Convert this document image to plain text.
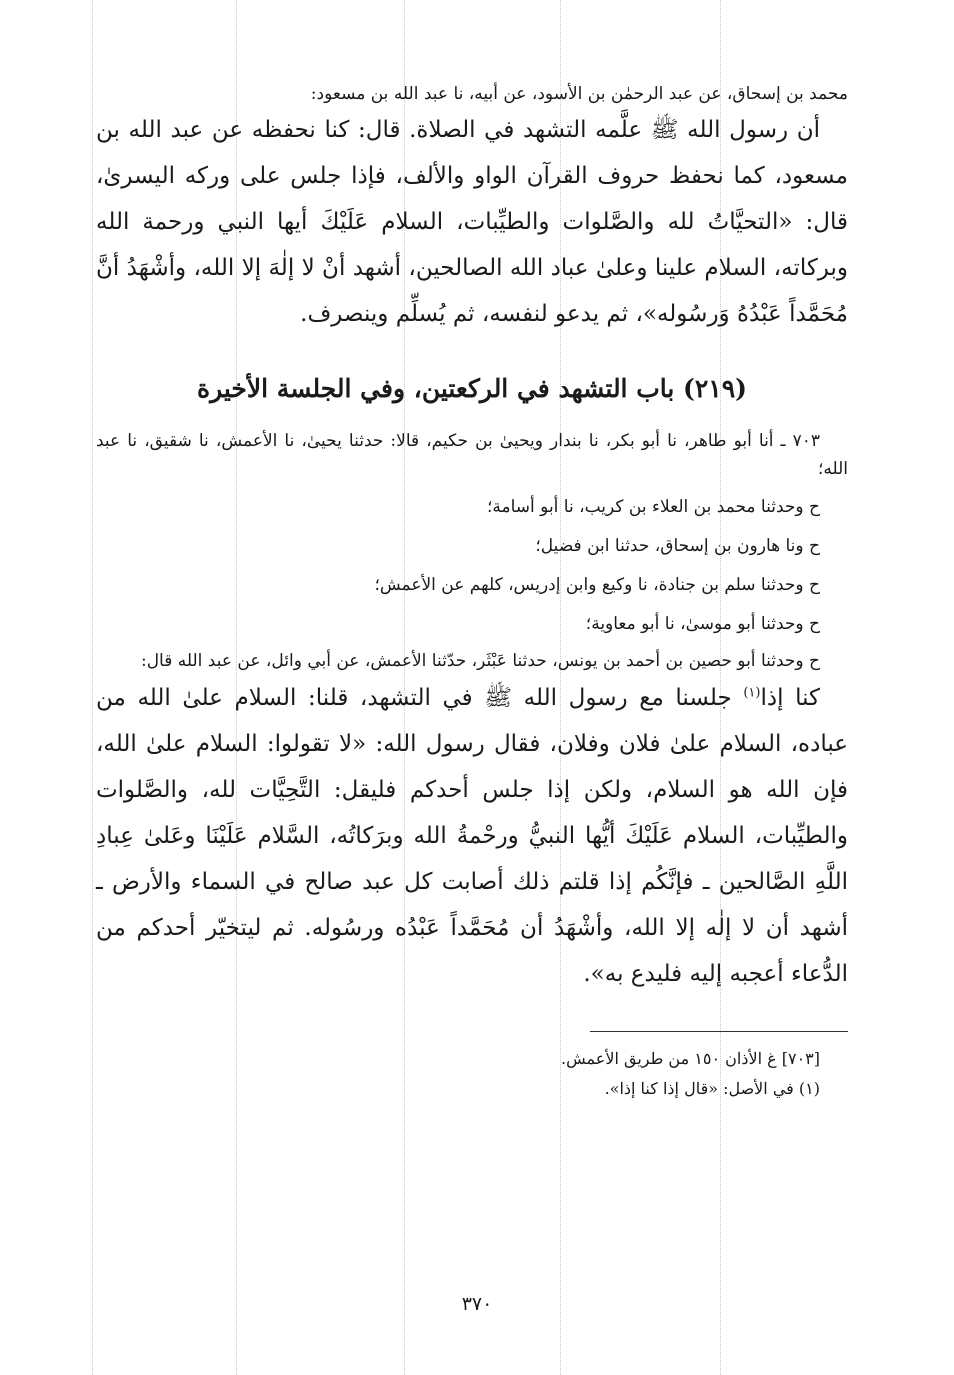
محمد بن إسحاق، عن عبد الرحمٰن بن الأسود، عن أبيه، نا عبد الله بن مسعود:

أن رسول الله ﷺ علَّمه التشهد في الصلاة. قال: كنا نحفظه عن عبد الله بن مسعود، كما نحفظ حروف القرآن الواو والألف، فإذا جلس على وركه اليسرىٰ، قال: «التحيَّاتُ لله والصَّلوات والطيِّبات، السلام عَلَيْكَ أيها النبي ورحمة الله وبركاته، السلام علينا وعلىٰ عباد الله الصالحين، أشهد أنْ لا إلٰهَ إلا الله، وأشْهَدُ أنَّ مُحَمَّداً عَبْدُهُ وَرسُوله»، ثم يدعو لنفسه، ثم يُسلِّم وينصرف.

(٢١٩) باب التشهد في الركعتين، وفي الجلسة الأخيرة

٧٠٣ ـ أنا أبو طاهر، نا أبو بكر، نا بندار ويحيىٰ بن حكيم، قالا: حدثنا يحيىٰ، نا الأعمش، نا شقيق، نا عبد الله؛

ح وحدثنا محمد بن العلاء بن كريب، نا أبو أسامة؛
ح ونا هارون بن إسحاق، حدثنا ابن فضيل؛
ح وحدثنا سلم بن جنادة، نا وكيع وابن إدريس، كلهم عن الأعمش؛
ح وحدثنا أبو موسىٰ، نا أبو معاوية؛

ح وحدثنا أبو حصين بن أحمد بن يونس، حدثنا عَبْثَر، حدّثنا الأعمش، عن أبي وائل، عن عبد الله قال:

كنا إذا$^{(١)}$ جلسنا مع رسول الله ﷺ في التشهد، قلنا: السلام علىٰ الله من عباده، السلام علىٰ فلان وفلان، فقال رسول الله: «لا تقولوا: السلام علىٰ الله، فإن الله هو السلام، ولكن إذا جلس أحدكم فليقل: التَّحِيَّات لله، والصَّلوات والطيِّبات، السلام عَلَيْكَ أيُّها النبيُّ ورحْمةُ الله وبرَكاتُه، السَّلام عَلَيْنَا وعَلىٰ عِبادِ اللَّهِ الصَّالحين ـ فإنَّكُم إذا قلتم ذلك أصابت كل عبد صالح في السماء والأرض ـ أشهد أن لا إلٰه إلا الله، وأشْهَدُ أن مُحَمَّداً عَبْدُه ورسُوله. ثم ليتخيّر أحدكم من الدُّعاء أعجبه إليه فليدع به».

[٧٠٣] غ الأذان ١٥٠ من طريق الأعمش.
(١) في الأصل: «قال إذا كنا إذا».
٣٧٠
